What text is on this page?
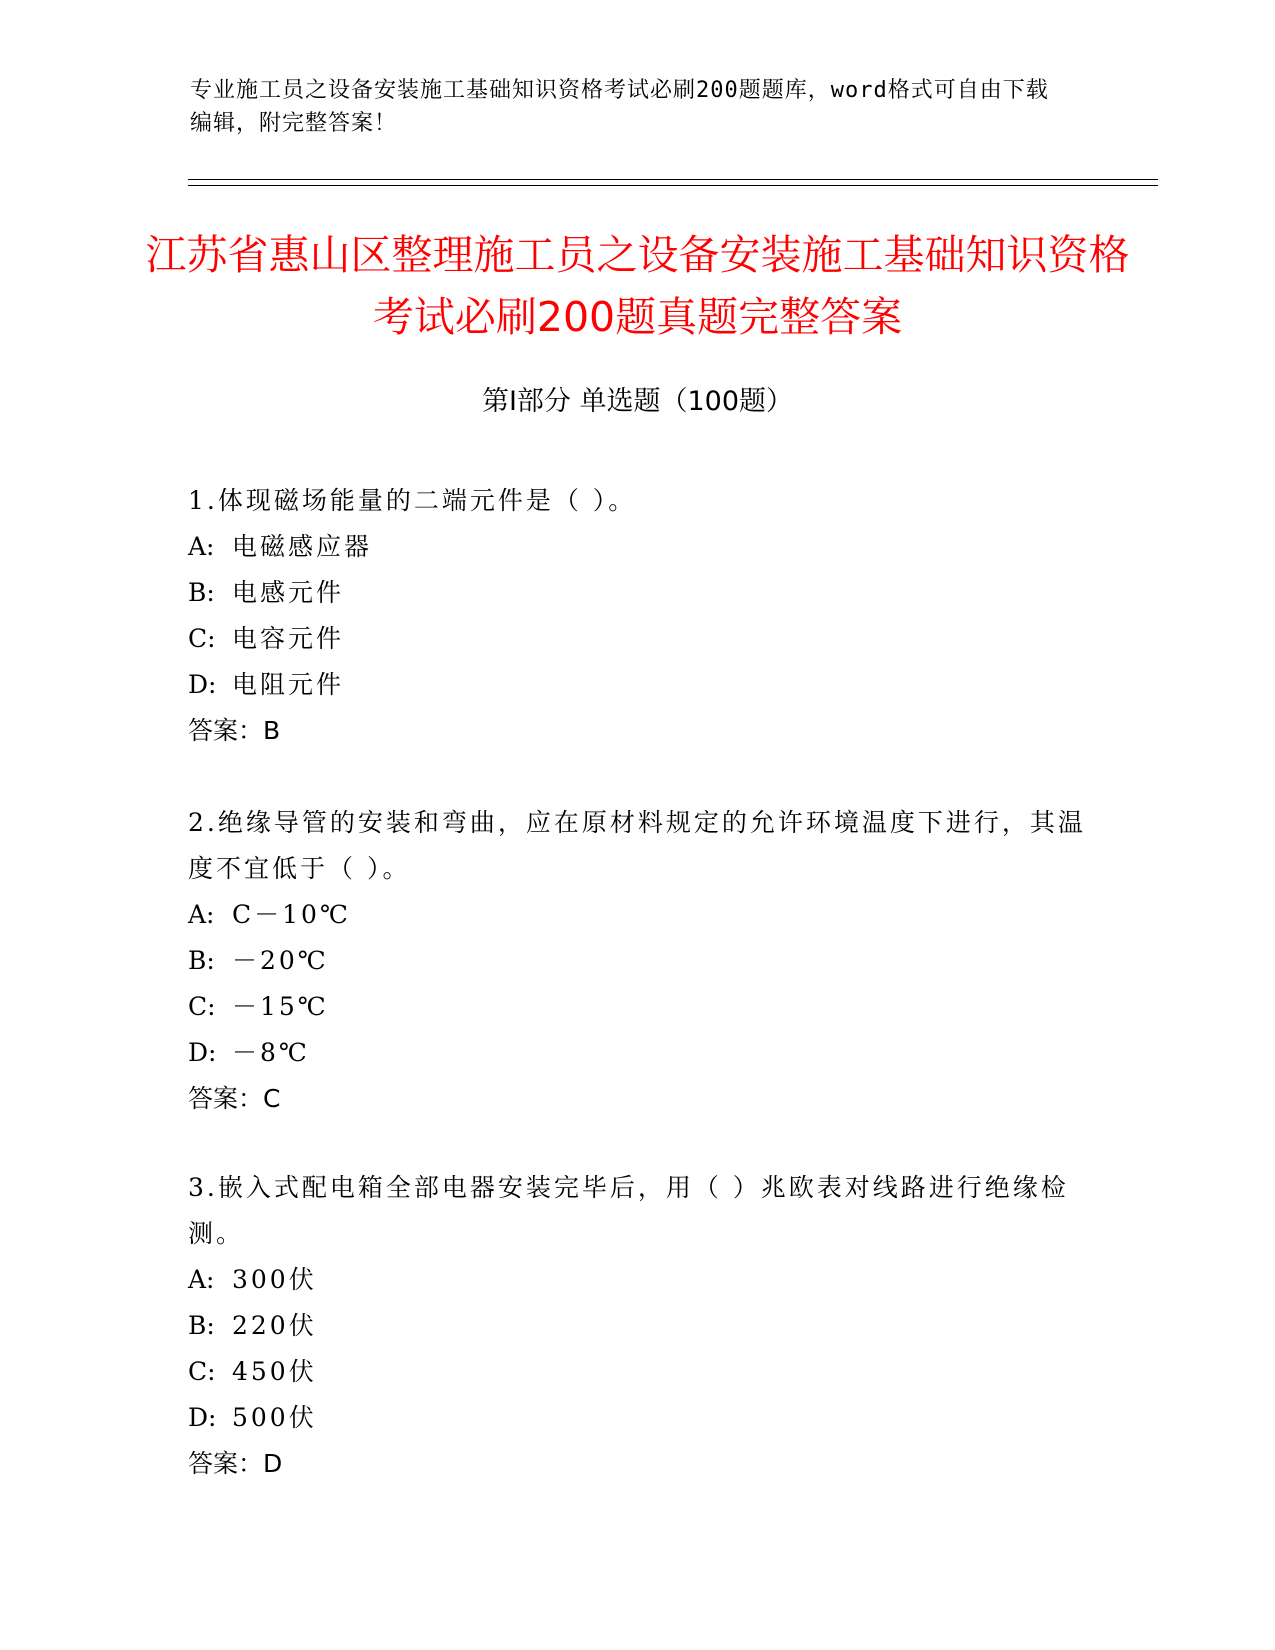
专业施工员之设备安装施工基础知识资格考试必刷200题题库，word格式可自由下载编辑，附完整答案！
江苏省惠山区整理施工员之设备安装施工基础知识资格考试必刷200题真题完整答案
第I部分 单选题（100题）
1.体现磁场能量的二端元件是（ ）。
A: 电磁感应器
B: 电感元件
C: 电容元件
D: 电阻元件
答案： B
2.绝缘导管的安装和弯曲，应在原材料规定的允许环境温度下进行，其温度不宜低于（ ）。
A: C－10℃
B: －20℃
C: －15℃
D: －8℃
答案： C
3.嵌入式配电箱全部电器安装完毕后，用（ ）兆欧表对线路进行绝缘检测。
A: 300伏
B: 220伏
C: 450伏
D: 500伏
答案： D
